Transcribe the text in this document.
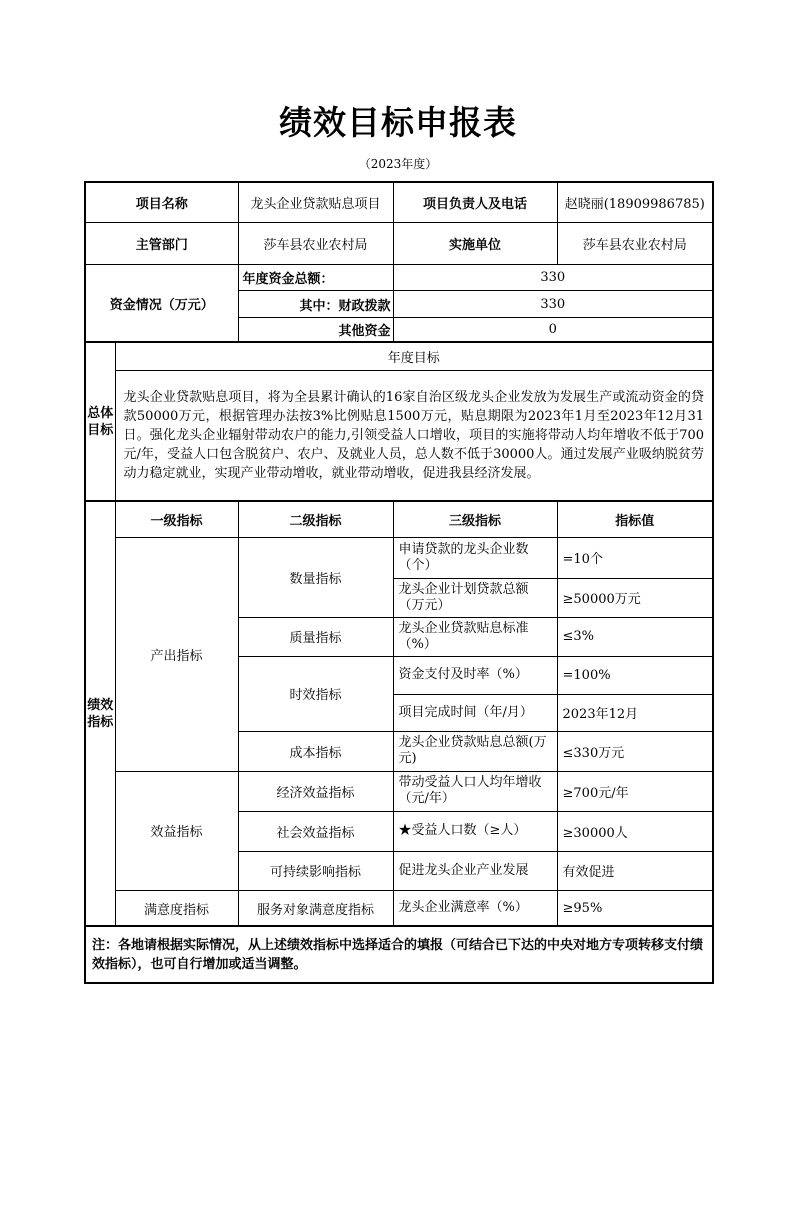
绩效目标申报表
（2023年度）
项目名称		龙头企业贷款贴息项目	项目负责人及电话	赵晓丽(18909986785)
主管部门		莎车县农业农村局	实施单位	莎车县农业农村局
资金情况（万元）		年度资金总额：	330	
		其中：财政拨款	330	
		其他资金	0	

总体目标	年度目标			
	龙头企业贷款贴息项目，将为全县累计确认的16家自治区级龙头企业发放为发展生产或流动资金的贷款50000万元，根据管理办法按3%比例贴息1500万元，贴息期限为2023年1月至2023年12月31日。强化龙头企业辐射带动农户的能力,引领受益人口增收，项目的实施将带动人均年增收不低于700元/年，受益人口包含脱贫户、农户、及就业人员，总人数不低于30000人。通过发展产业吸纳脱贫劳动力稳定就业，实现产业带动增收，就业带动增收，促进我县经济发展。			

绩效指标	一级指标	二级指标	三级指标	指标值
	产出指标	数量指标	申请贷款的龙头企业数（个）	=10个
			龙头企业计划贷款总额（万元）	≥50000万元
		质量指标	龙头企业贷款贴息标准（%）	≤3%
		时效指标	资金支付及时率（%）	=100%
			项目完成时间（年/月）	2023年12月
		成本指标	龙头企业贷款贴息总额(万元)	≤330万元
	效益指标	经济效益指标	带动受益人口人均年增收（元/年）	≥700元/年
		社会效益指标	★受益人口数（≥人）	≥30000人
		可持续影响指标	促进龙头企业产业发展	有效促进
	满意度指标	服务对象满意度指标	龙头企业满意率（%）	≥95%
注：各地请根据实际情况，从上述绩效指标中选择适合的填报（可结合已下达的中央对地方专项转移支付绩效指标），也可自行增加或适当调整。				
